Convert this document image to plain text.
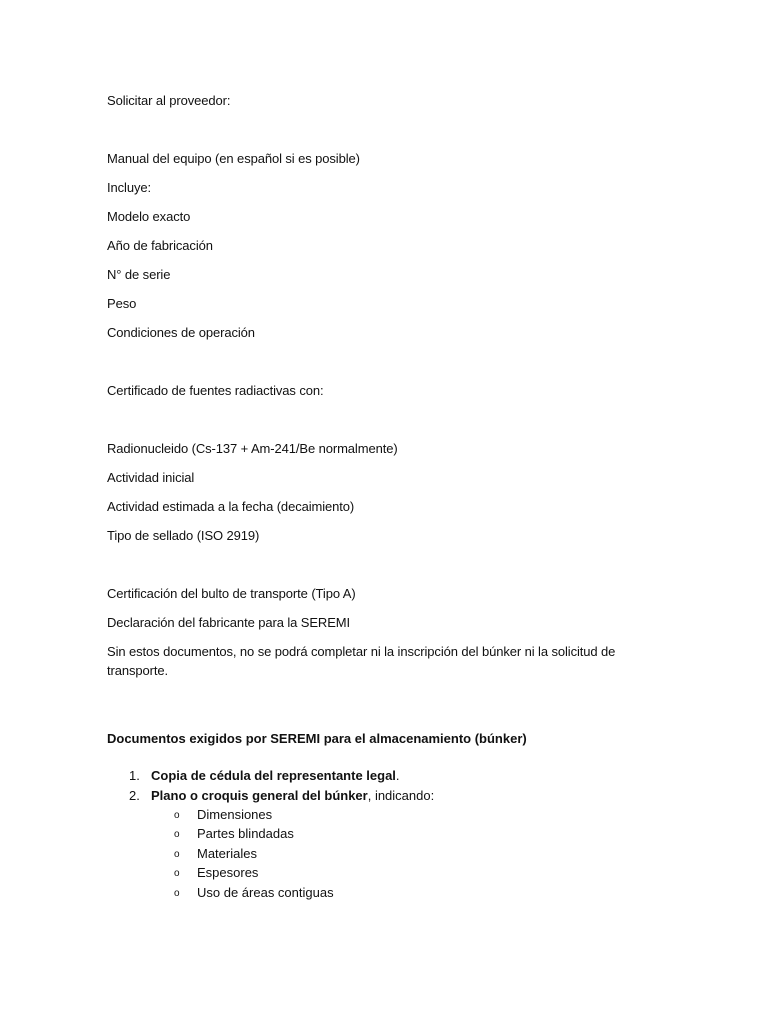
Solicitar al proveedor:
Manual del equipo (en español si es posible)
Incluye:
Modelo exacto
Año de fabricación
N° de serie
Peso
Condiciones de operación
Certificado de fuentes radiactivas con:
Radionucleido (Cs-137 + Am-241/Be normalmente)
Actividad inicial
Actividad estimada a la fecha (decaimiento)
Tipo de sellado (ISO 2919)
Certificación del bulto de transporte (Tipo A)
Declaración del fabricante para la SEREMI
Sin estos documentos, no se podrá completar ni la inscripción del búnker ni la solicitud de transporte.
Documentos exigidos por SEREMI para el almacenamiento (búnker)
1. Copia de cédula del representante legal.
2. Plano o croquis general del búnker, indicando:
o Dimensiones
o Partes blindadas
o Materiales
o Espesores
o Uso de áreas contiguas
